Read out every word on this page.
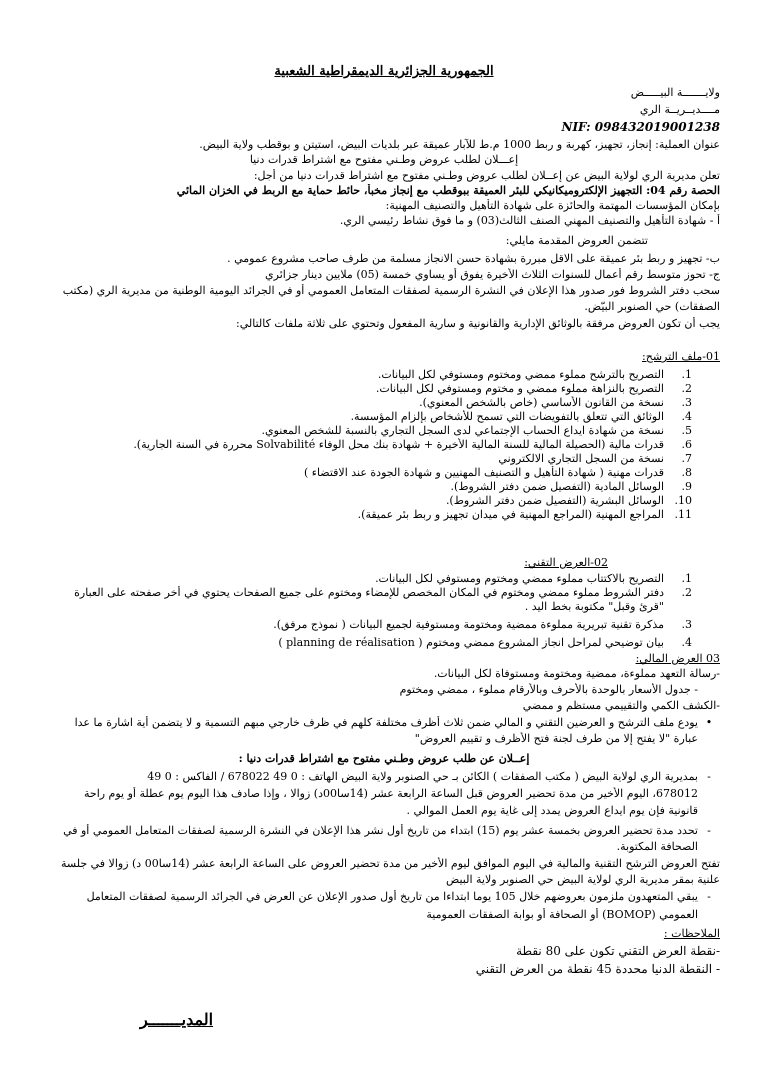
الجمهورية الجزائرية الديمقراطية الشعبية
ولايـــــــة البيـــــض
مــــديــريــة الري
NIF: 098432019001238
عنوان العملية: إنجاز، تجهيز، كهربة و ربط 1000 م.ط للآبار عميقة عبر بلديات البيض، استيتن و بوقطب ولاية البيض.
إعـــلان لطلب عروض وطـني مفتوح مع اشتراط قدرات دنيا
تعلن مديرية الري لولاية البيض عن إعــلان لطلب عروض وطـني مفتوح مع اشتراط قدرات دنيا من أجل:
الحصة رقم 04: التجهيز الإلكتروميكانيكي للبئر العميقة ببوقطب مع إنجاز مخبأ، حائط حماية مع الربط في الخزان المائي
بإمكان المؤسسات المهتمة والحائزة على شهادة التأهيل والتصنيف المهنية:
أ - شهادة التأهيل والتصنيف المهني الصنف الثالث(03) و ما فوق نشاط رئيسي الري.
تتضمن العروض المقدمة مايلي:
ب- تجهيز و ربط بئر عميقة على الاقل مبررة بشهادة حسن الانجاز مسلمة من طرف صاحب مشروع عمومي .
ج- تحوز متوسط رقم أعمال للسنوات الثلاث الأخيرة يفوق أو يساوي خمسة (05) ملايين دينار جزائري
سحب دفتر الشروط فور صدور هذا الإعلان في النشرة الرسمية لصفقات المتعامل العمومي أو في الجرائد اليومية الوطنية من مديرية الري (مكتب
الصفقات) حي الصنوبر البيّض.
يجب أن تكون العروض مرفقة بالوثائق الإدارية والقانونية و سارية المفعول وتحتوي على ثلاثة ملفات كالتالي:
01-ملف الترشح:
1.
التصريح بالترشح مملوء ممضي ومختوم ومستوفي لكل البيانات.
2.
التصريح بالنزاهة مملوء ممضي و مختوم ومستوفي لكل البيانات.
3.
نسخة من القانون الأساسي (خاص بالشخص المعنوي).
4.
الوثائق التي تتعلق بالتفويضات التي تسمح للأشخاص بإلزام المؤسسة.
5.
نسخة من شهادة ايداع الحساب الإجتماعي لدى السجل التجاري بالنسبة للشخص المعنوي.
6.
قدرات مالية (الحصيلة المالية للسنة المالية الأخيرة + شهادة بنك محل الوفاء Solvabilité محررة في السنة الجارية).
7.
نسخة من السجل التجاري الالكتروني
8.
قدرات مهنية ( شهادة التأهيل و التصنيف المهنيين و شهادة الجودة عند الاقتضاء )
9.
الوسائل المادية (التفصيل ضمن دفتر الشروط).
10.
الوسائل البشرية (التفصيل ضمن دفتر الشروط).
11.
المراجع المهنية (المراجع المهنية في ميدان تجهيز و ربط بئر عميقة).
02-العرض التقني:
1.
التصريح بالاكتتاب مملوء ممضي ومختوم ومستوفي لكل البيانات.
2.
دفتر الشروط مملوء ممضي ومختوم في المكان المخصص للإمضاء ومختوم على جميع الصفحات يحتوي في أخر صفحته على العبارة
"قرئ وقبل" مكتوبة بخط اليد .
3.
مذكرة تقنية تبريرية مملوءة ممضية ومختومة ومستوفية لجميع البيانات ( نموذج مرفق).
4.
بيان توضيحي لمراحل انجاز المشروع ممضي ومختوم ( planning de réalisation )
03 العرض المالي:
-رسالة التعهد مملوءة، ممضية ومختومة ومستوفاة لكل البيانات.
- جدول الأسعار بالوحدة بالأحرف وبالأرقام مملوء ، ممضي ومختوم
-الكشف الكمي والتقييمي مستظم و ممضي
•يودع ملف الترشح و العرضين التقني و المالي ضمن ثلاث أظرف مختلفة كلهم في ظرف خارجي مبهم التسمية و لا يتضمن أية اشارة ما عدا
عبارة "لا يفتح إلا من طرف لجنة فتح الأظرف و تقييم العروض"
إعــلان عن طلب عروض وطـني مفتوح مع اشتراط قدرات دنيا :
-بمديرية الري لولاية البيض ( مكتب الصفقات ) الكائن بـ حي الصنوبر ولاية البيض الهاتف : 0 49 678022 / الفاكس : 0 49
678012، اليوم الأخير من مدة تحضير العروض قبل الساعة الرابعة عشر (14سا00د) زوالا ، وإذا صادف هذا اليوم يوم عطلة أو يوم راحة
قانونية فإن يوم ايداع العروض يمدد إلى غاية يوم العمل الموالي .
-تحدد مدة تحضير العروض بخمسة عشر يوم (15) ابتداء من تاريخ أول نشر هذا الإعلان في النشرة الرسمية لصفقات المتعامل العمومي أو في
الصحافة المكتوبة.
تفتح العروض الترشح التقنية والمالية في اليوم الموافق ليوم الأخير من مدة تحضير العروض على الساعة الرابعة عشر (14سا00 د) زوالا في جلسة
علنية بمقر مديرية الري لولاية البيض حي الصنوبر ولاية البيض
-يبقي المتعهدون ملزمون بعروضهم خلال 105 يوما ابتداءا من تاريخ أول صدور الإعلان عن العرض في الجرائد الرسمية لصفقات المتعامل
العمومي (BOMOP) أو الصحافة أو بوابة الصفقات العمومية
الملاحظات :
-نقطة العرض التقني تكون على 80 نقطة
- النقطة الدنيا محددة 45 نقطة من العرض التقني
المديـــــــر
